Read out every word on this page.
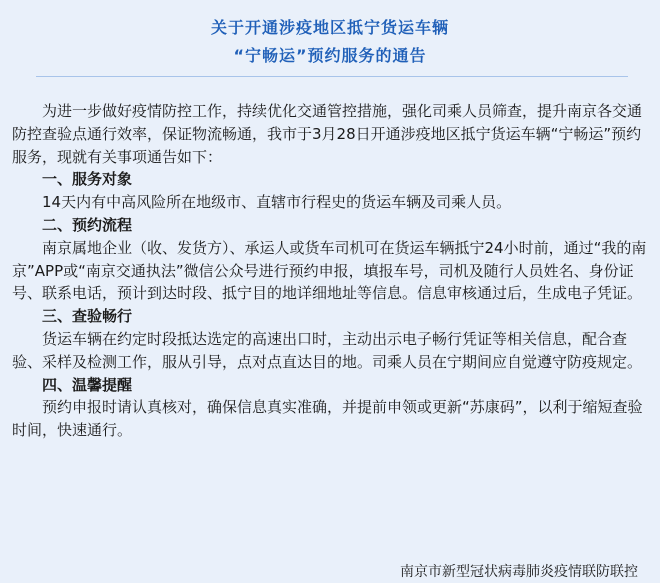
关于开通涉疫地区抵宁货运车辆
“宁畅运”预约服务的通告

为进一步做好疫情防控工作，持续优化交通管控措施，强化司乘人员筛查，提升南京各交通防控查验点通行效率，保证物流畅通，我市于3月28日开通涉疫地区抵宁货运车辆“宁畅运”预约服务，现就有关事项通告如下：

一、服务对象

14天内有中高风险所在地级市、直辖市行程史的货运车辆及司乘人员。

二、预约流程

南京属地企业（收、发货方）、承运人或货车司机可在货运车辆抵宁24小时前，通过“我的南京”APP或“南京交通执法”微信公众号进行预约申报，填报车号，司机及随行人员姓名、身份证号、联系电话，预计到达时段、抵宁目的地详细地址等信息。信息审核通过后，生成电子凭证。

三、查验畅行

货运车辆在约定时段抵达选定的高速出口时，主动出示电子畅行凭证等相关信息，配合查验、采样及检测工作，服从引导，点对点直达目的地。司乘人员在宁期间应自觉遵守防疫规定。

四、温馨提醒

预约申报时请认真核对，确保信息真实准确，并提前申领或更新“苏康码”，以利于缩短查验时间，快速通行。

南京市新型冠状病毒肺炎疫情联防联控
